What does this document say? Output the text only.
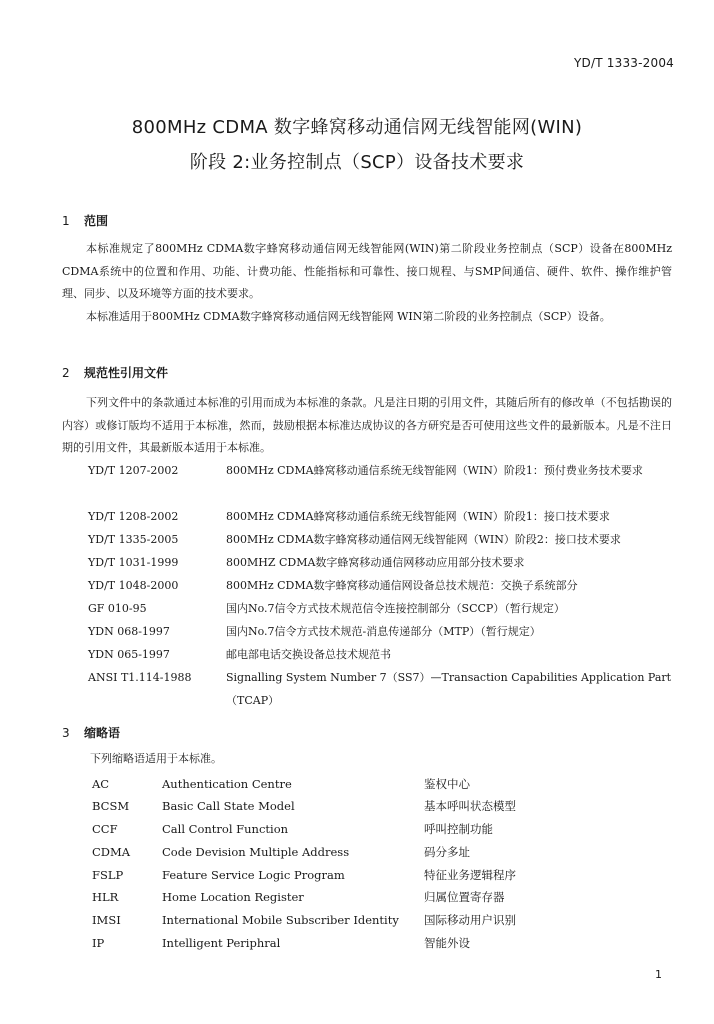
YD/T 1333-2004
800MHz CDMA 数字蜂窝移动通信网无线智能网(WIN)
阶段 2:业务控制点（SCP）设备技术要求
1 范围

本标准规定了800MHz CDMA数字蜂窝移动通信网无线智能网(WIN)第二阶段业务控制点（SCP）设备在800MHz CDMA系统中的位置和作用、功能、计费功能、性能指标和可靠性、接口规程、与SMP间通信、硬件、软件、操作维护管理、同步、以及环境等方面的技术要求。

本标准适用于800MHz CDMA数字蜂窝移动通信网无线智能网 WIN第二阶段的业务控制点（SCP）设备。

2 规范性引用文件

下列文件中的条款通过本标准的引用而成为本标准的条款。凡是注日期的引用文件，其随后所有的修改单（不包括勘误的内容）或修订版均不适用于本标准，然而，鼓励根据本标准达成协议的各方研究是否可使用这些文件的最新版本。凡是不注日期的引用文件，其最新版本适用于本标准。

YD/T 1207-2002	800MHz CDMA蜂窝移动通信系统无线智能网（WIN）阶段1：预付费业务技术要求
YD/T 1208-2002	800MHz CDMA蜂窝移动通信系统无线智能网（WIN）阶段1：接口技术要求
YD/T 1335-2005	800MHz CDMA数字蜂窝移动通信网无线智能网（WIN）阶段2：接口技术要求
YD/T 1031-1999	800MHZ CDMA数字蜂窝移动通信网移动应用部分技术要求
YD/T 1048-2000	800MHz CDMA数字蜂窝移动通信网设备总技术规范：交换子系统部分
GF 010-95	国内No.7信令方式技术规范信令连接控制部分（SCCP）（暂行规定）
YDN 068-1997	国内No.7信令方式技术规范-消息传递部分（MTP）（暂行规定）
YDN 065-1997	邮电部电话交换设备总技术规范书
ANSI T1.114-1988	Signalling System Number 7（SS7）—Transaction Capabilities Application Part（TCAP）
3 缩略语

下列缩略语适用于本标准。

AC	Authentication Centre	鉴权中心
BCSM	Basic Call State Model	基本呼叫状态模型
CCF	Call Control Function	呼叫控制功能
CDMA	Code Devision Multiple Address	码分多址
FSLP	Feature Service Logic Program	特征业务逻辑程序
HLR	Home Location Register	归属位置寄存器
IMSI	International Mobile Subscriber Identity 国际移动用户识别
IP	Intelligent Periphral	智能外设
1
